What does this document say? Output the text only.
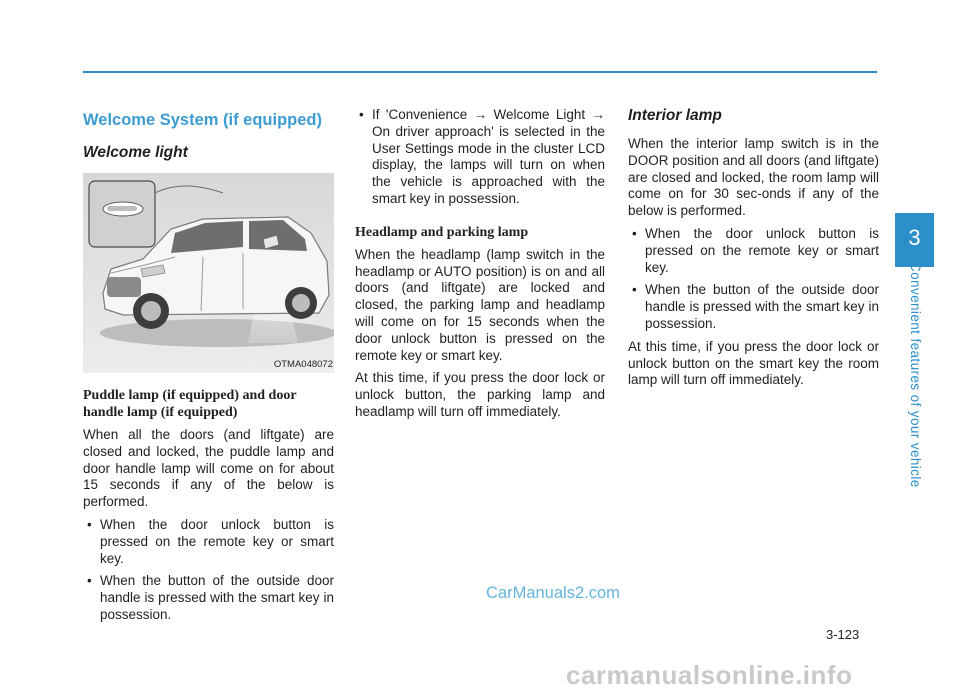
Welcome System (if equipped)
Welcome light
OTMA048072
Puddle lamp (if equipped) and door handle lamp (if equipped)

When all the doors (and liftgate) are closed and locked, the puddle lamp and door handle lamp will come on for about 15 seconds if any of the below is performed.

• When the door unlock button is pressed on the remote key or smart key.
• When the button of the outside door handle is pressed with the smart key in possession.
• If 'Convenience → Welcome Light → On driver approach' is selected in the User Settings mode in the cluster LCD display, the lamps will turn on when the vehicle is approached with the smart key in possession.
Headlamp and parking lamp

When the headlamp (lamp switch in the headlamp or AUTO position) is on and all doors (and liftgate) are locked and closed, the parking lamp and headlamp will come on for 15 seconds when the door unlock button is pressed on the remote key or smart key.

At this time, if you press the door lock or unlock button, the parking lamp and headlamp will turn off immediately.

Interior lamp

When the interior lamp switch is in the DOOR position and all doors (and liftgate) are closed and locked, the room lamp will come on for 30 sec-onds if any of the below is performed.

• When the door unlock button is pressed on the remote key or smart key.
• When the button of the outside door handle is pressed with the smart key in possession.

At this time, if you press the door lock or unlock button on the smart key the room lamp will turn off immediately.

3
Convenient features of your vehicle
CarManuals2.com
3-123
carmanualsonline.info
